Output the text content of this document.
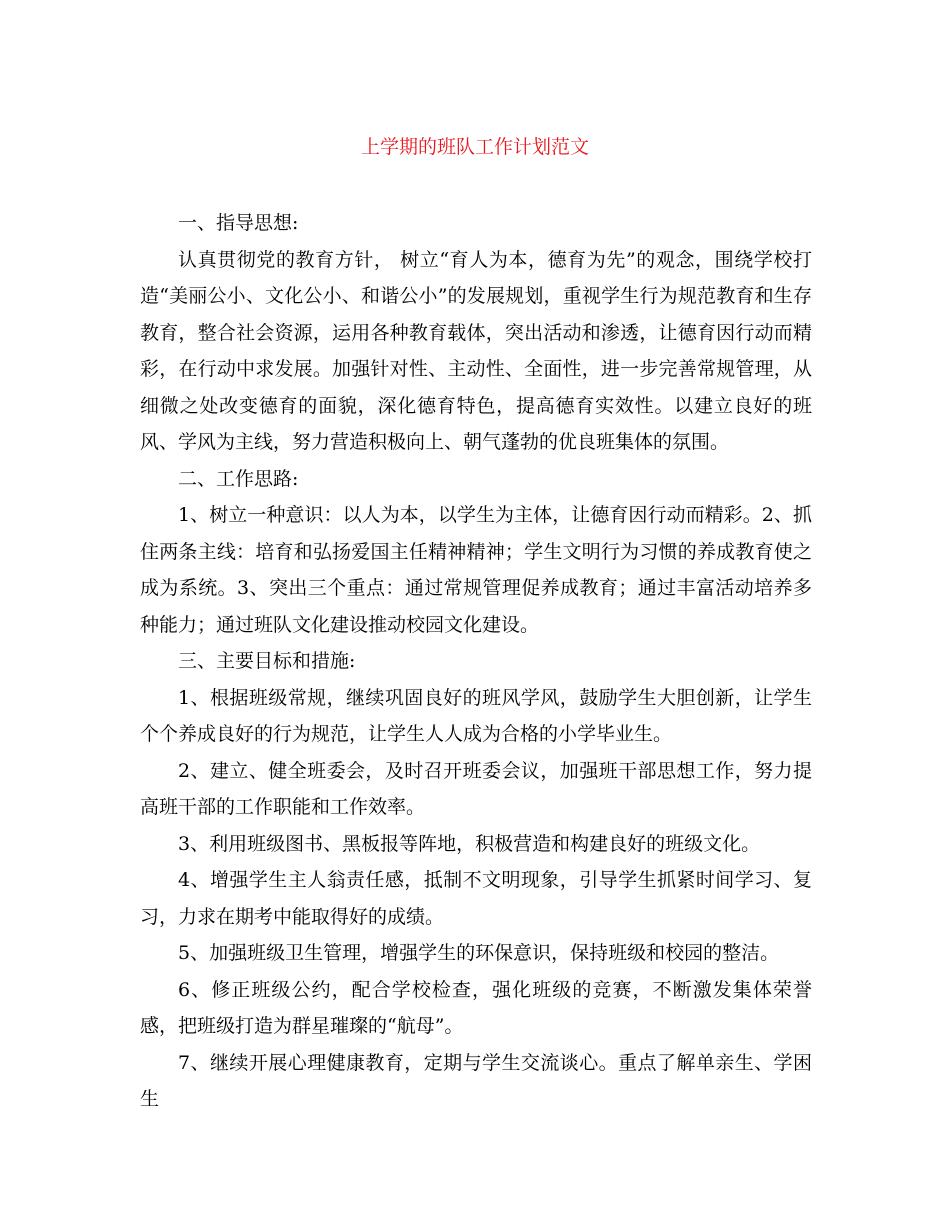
上学期的班队工作计划范文

一、指导思想:

认真贯彻党的教育方针， 树立“育人为本，德育为先”的观念，围绕学校打造“美丽公小、文化公小、和谐公小”的发展规划，重视学生行为规范教育和生存教育，整合社会资源，运用各种教育载体，突出活动和渗透，让德育因行动而精彩，在行动中求发展。加强针对性、主动性、全面性，进一步完善常规管理，从细微之处改变德育的面貌，深化德育特色，提高德育实效性。以建立良好的班风、学风为主线，努力营造积极向上、朝气蓬勃的优良班集体的氛围。

二、工作思路:

1、树立一种意识：以人为本，以学生为主体，让德育因行动而精彩。2、抓住两条主线：培育和弘扬爱国主任精神精神；学生文明行为习惯的养成教育使之成为系统。3、突出三个重点：通过常规管理促养成教育；通过丰富活动培养多种能力；通过班队文化建设推动校园文化建设。

三、主要目标和措施:

1、根据班级常规，继续巩固良好的班风学风，鼓励学生大胆创新，让学生个个养成良好的行为规范，让学生人人成为合格的小学毕业生。

2、建立、健全班委会，及时召开班委会议，加强班干部思想工作，努力提高班干部的工作职能和工作效率。

3、利用班级图书、黑板报等阵地，积极营造和构建良好的班级文化。

4、增强学生主人翁责任感，抵制不文明现象，引导学生抓紧时间学习、复习，力求在期考中能取得好的成绩。

5、加强班级卫生管理，增强学生的环保意识，保持班级和校园的整洁。

6、修正班级公约，配合学校检查，强化班级的竞赛，不断激发集体荣誉感，把班级打造为群星璀璨的“航母”。

7、继续开展心理健康教育，定期与学生交流谈心。重点了解单亲生、学困生
